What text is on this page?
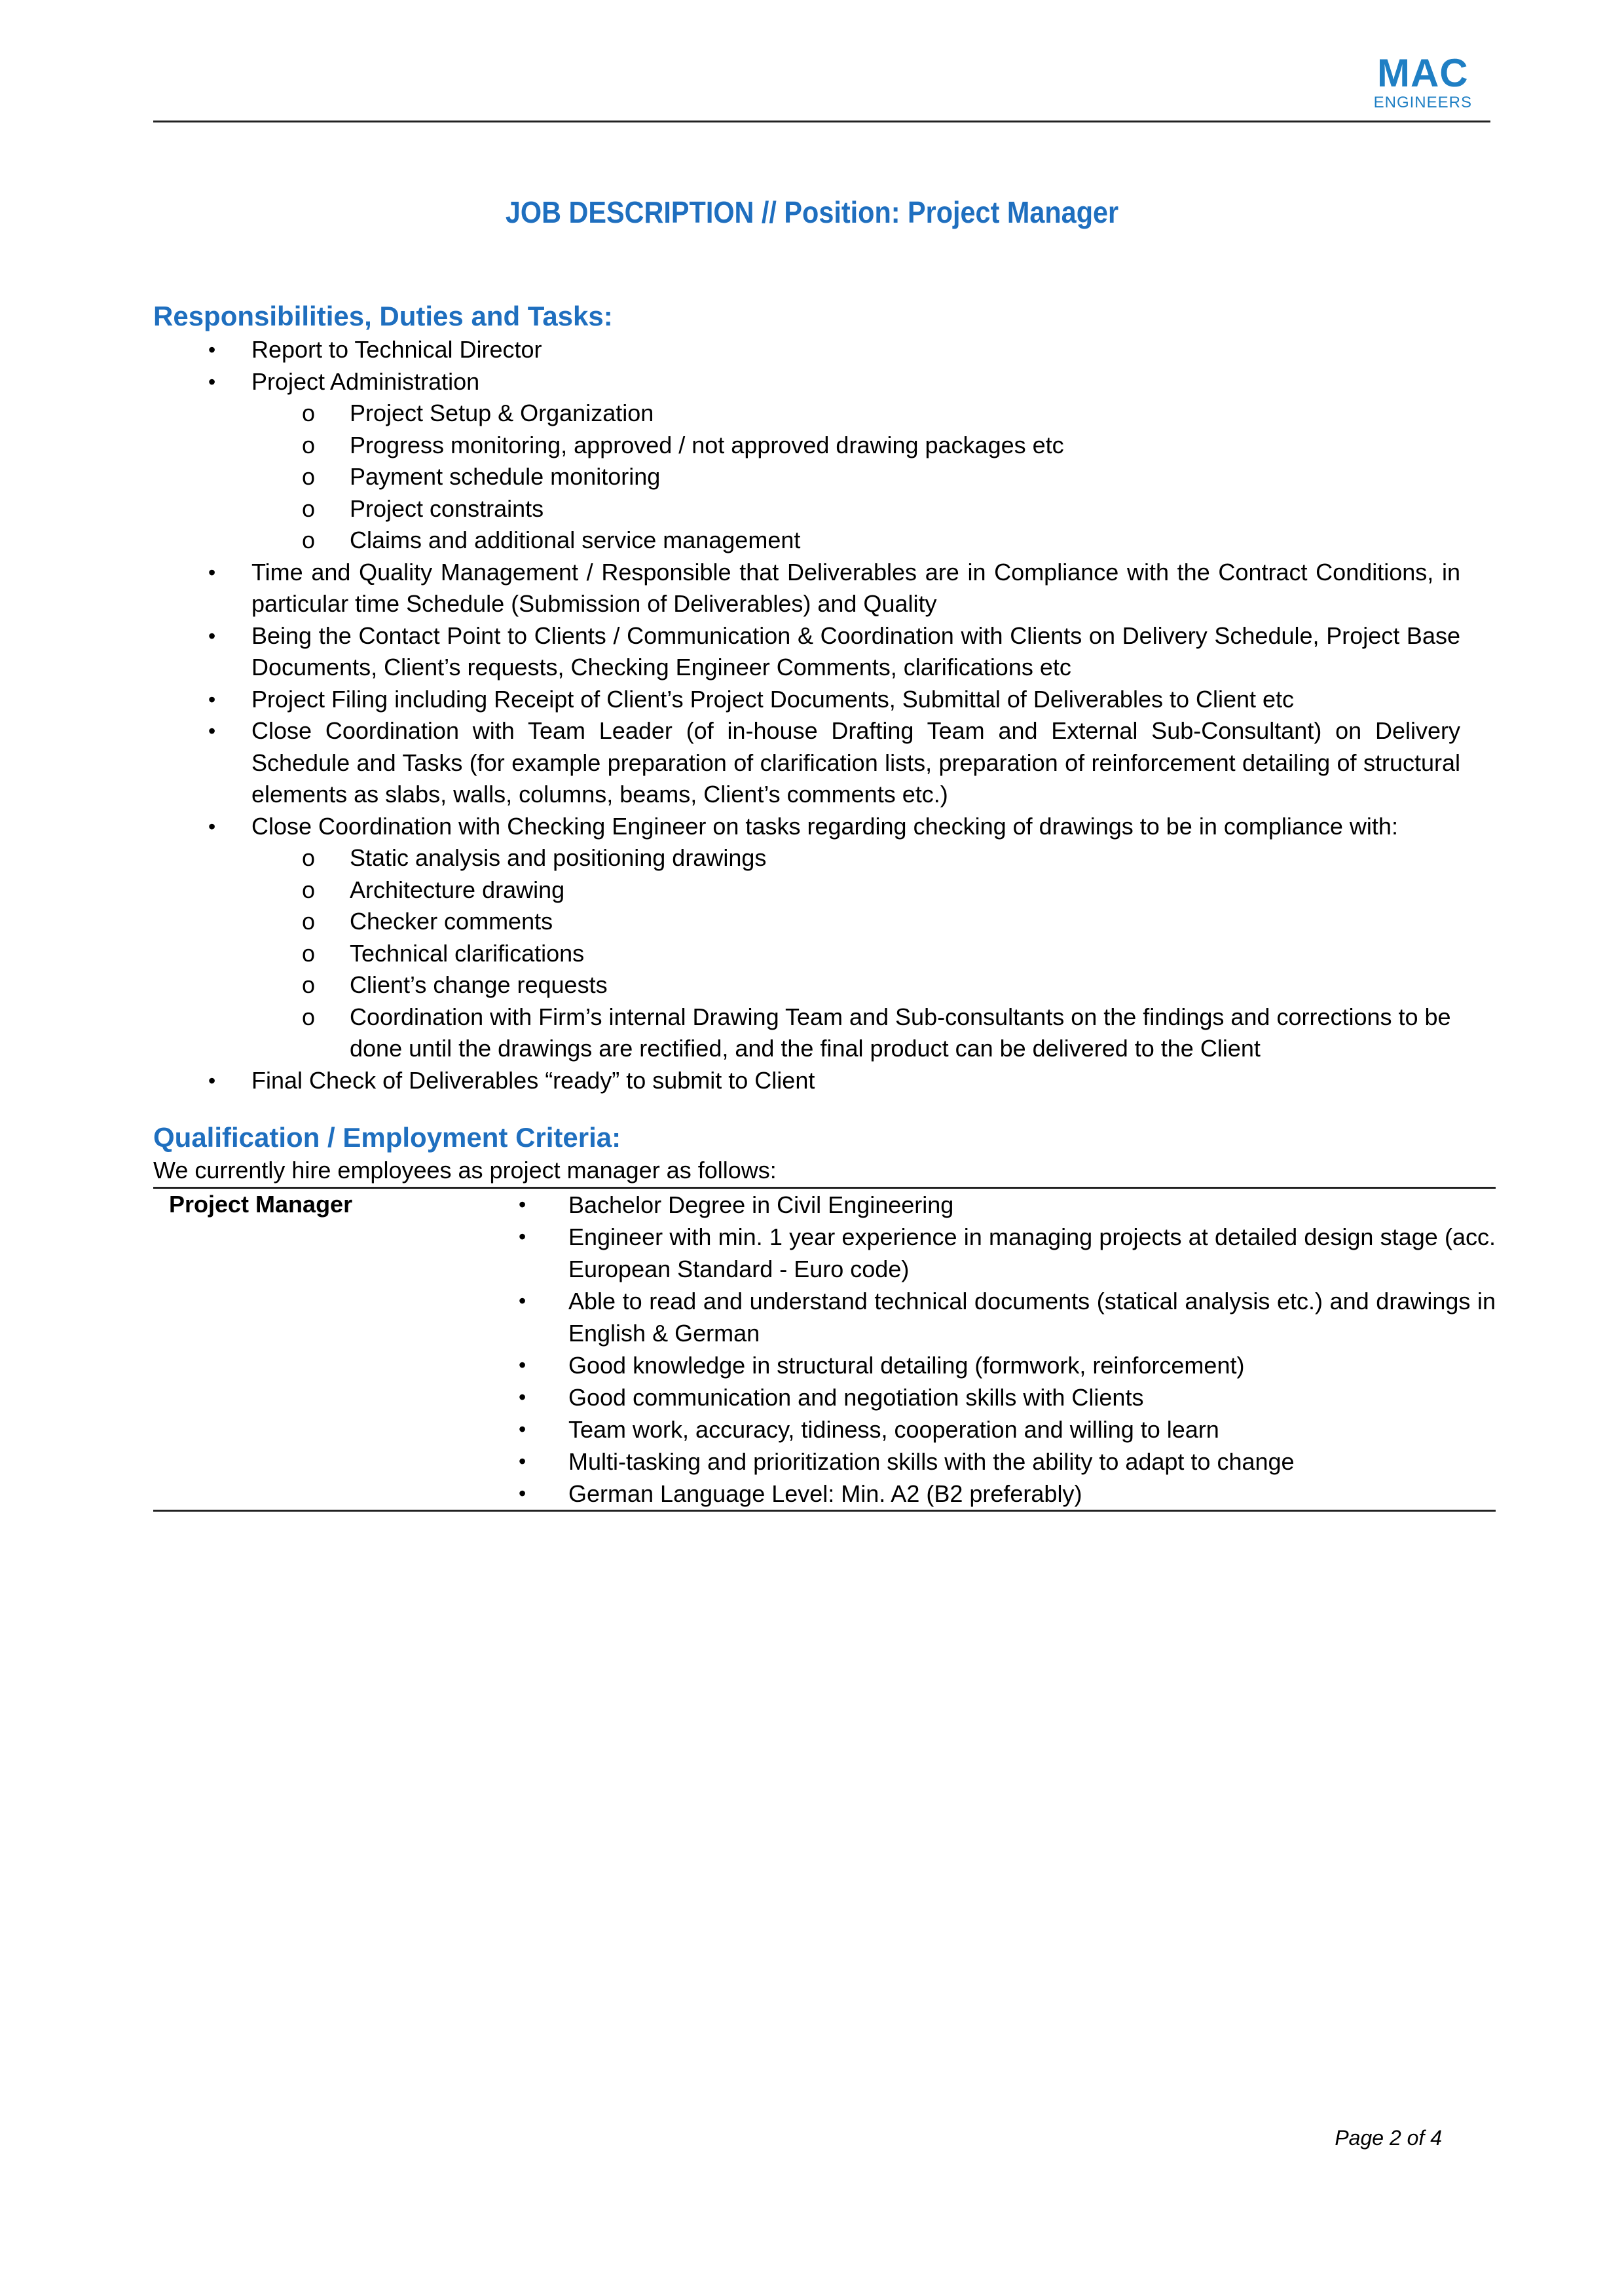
MAC
ENGINEERS
JOB DESCRIPTION // Position: Project Manager
Responsibilities, Duties and Tasks:
• Report to Technical Director
• Project Administration
o Project Setup & Organization
o Progress monitoring, approved / not approved drawing packages etc
o Payment schedule monitoring
o Project constraints
o Claims and additional service management
• Time and Quality Management / Responsible that Deliverables are in Compliance with the Contract Conditions, in particular time Schedule (Submission of Deliverables) and Quality
• Being the Contact Point to Clients / Communication & Coordination with Clients on Delivery Schedule, Project Base Documents, Client’s requests, Checking Engineer Comments, clarifications etc
• Project Filing including Receipt of Client’s Project Documents, Submittal of Deliverables to Client etc
• Close Coordination with Team Leader (of in-house Drafting Team and External Sub-Consultant) on Delivery Schedule and Tasks (for example preparation of clarification lists, preparation of reinforcement detailing of structural elements as slabs, walls, columns, beams, Client’s comments etc.)
• Close Coordination with Checking Engineer on tasks regarding checking of drawings to be in compliance with:
o Static analysis and positioning drawings
o Architecture drawing
o Checker comments
o Technical clarifications
o Client’s change requests
o Coordination with Firm’s internal Drawing Team and Sub-consultants on the findings and corrections to be done until the drawings are rectified, and the final product can be delivered to the Client
• Final Check of Deliverables “ready” to submit to Client
Qualification / Employment Criteria:

We currently hire employees as project manager as follows:

Project Manager	• Bachelor Degree in Civil Engineering
• Engineer with min. 1 year experience in managing projects at detailed design stage (acc. European Standard - Euro code)
• Able to read and understand technical documents (statical analysis etc.) and drawings in English & German
• Good knowledge in structural detailing (formwork, reinforcement)
• Good communication and negotiation skills with Clients
• Team work, accuracy, tidiness, cooperation and willing to learn
• Multi-tasking and prioritization skills with the ability to adapt to change
• German Language Level: Min. A2 (B2 preferably)
Page 2 of 4
